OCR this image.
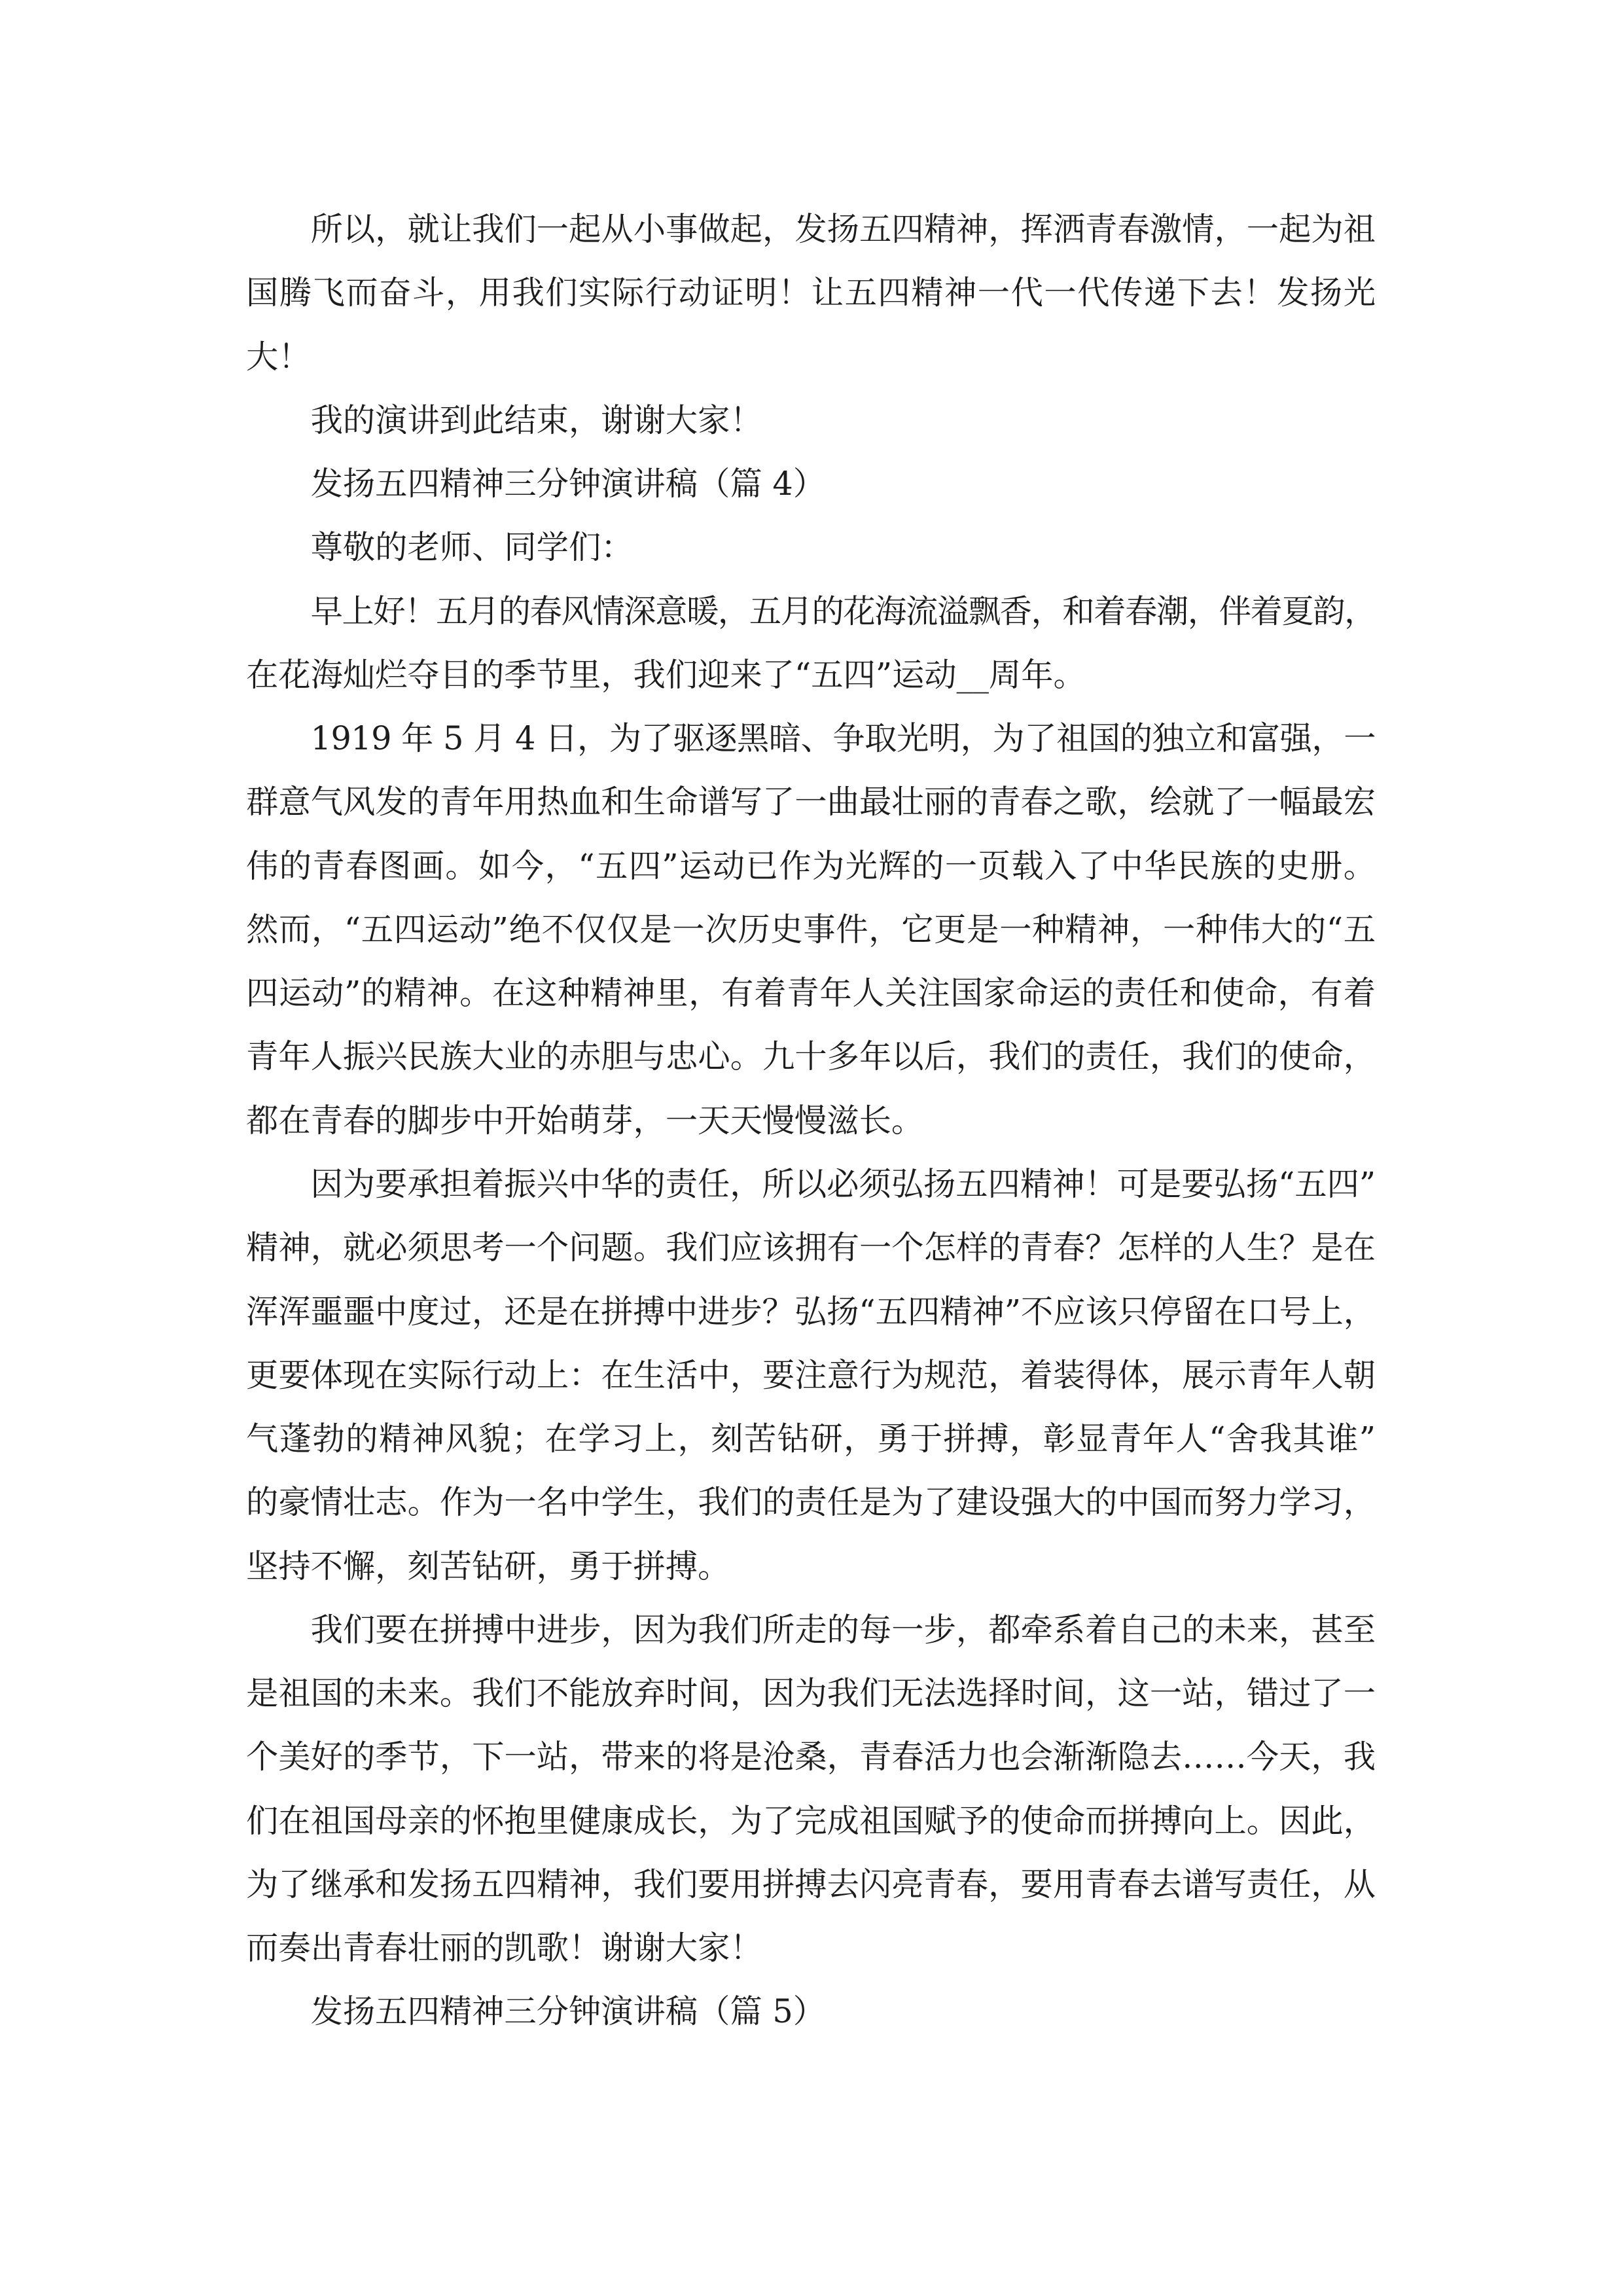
所以，就让我们一起从小事做起，发扬五四精神，挥洒青春激情，一起为祖
国腾飞而奋斗，用我们实际行动证明！让五四精神一代一代传递下去！发扬光
大！
我的演讲到此结束，谢谢大家！
发扬五四精神三分钟演讲稿（篇 4）
尊敬的老师、同学们：
早上好！五月的春风情深意暖，五月的花海流溢飘香，和着春潮，伴着夏韵，
在花海灿烂夺目的季节里，我们迎来了“五四”运动__周年。
1919 年 5 月 4 日，为了驱逐黑暗、争取光明，为了祖国的独立和富强，一
群意气风发的青年用热血和生命谱写了一曲最壮丽的青春之歌，绘就了一幅最宏
伟的青春图画。如今，“五四”运动已作为光辉的一页载入了中华民族的史册。
然而，“五四运动”绝不仅仅是一次历史事件，它更是一种精神，一种伟大的“五
四运动”的精神。在这种精神里，有着青年人关注国家命运的责任和使命，有着
青年人振兴民族大业的赤胆与忠心。九十多年以后，我们的责任，我们的使命，
都在青春的脚步中开始萌芽，一天天慢慢滋长。
因为要承担着振兴中华的责任，所以必须弘扬五四精神！可是要弘扬“五四”
精神，就必须思考一个问题。我们应该拥有一个怎样的青春？怎样的人生？是在
浑浑噩噩中度过，还是在拼搏中进步？弘扬“五四精神”不应该只停留在口号上，
更要体现在实际行动上：在生活中，要注意行为规范，着装得体，展示青年人朝
气蓬勃的精神风貌；在学习上，刻苦钻研，勇于拼搏，彰显青年人“舍我其谁”
的豪情壮志。作为一名中学生，我们的责任是为了建设强大的中国而努力学习，
坚持不懈，刻苦钻研，勇于拼搏。
我们要在拼搏中进步，因为我们所走的每一步，都牵系着自己的未来，甚至
是祖国的未来。我们不能放弃时间，因为我们无法选择时间，这一站，错过了一
个美好的季节，下一站，带来的将是沧桑，青春活力也会渐渐隐去……今天，我
们在祖国母亲的怀抱里健康成长，为了完成祖国赋予的使命而拼搏向上。因此，
为了继承和发扬五四精神，我们要用拼搏去闪亮青春，要用青春去谱写责任，从
而奏出青春壮丽的凯歌！谢谢大家！
发扬五四精神三分钟演讲稿（篇 5）
